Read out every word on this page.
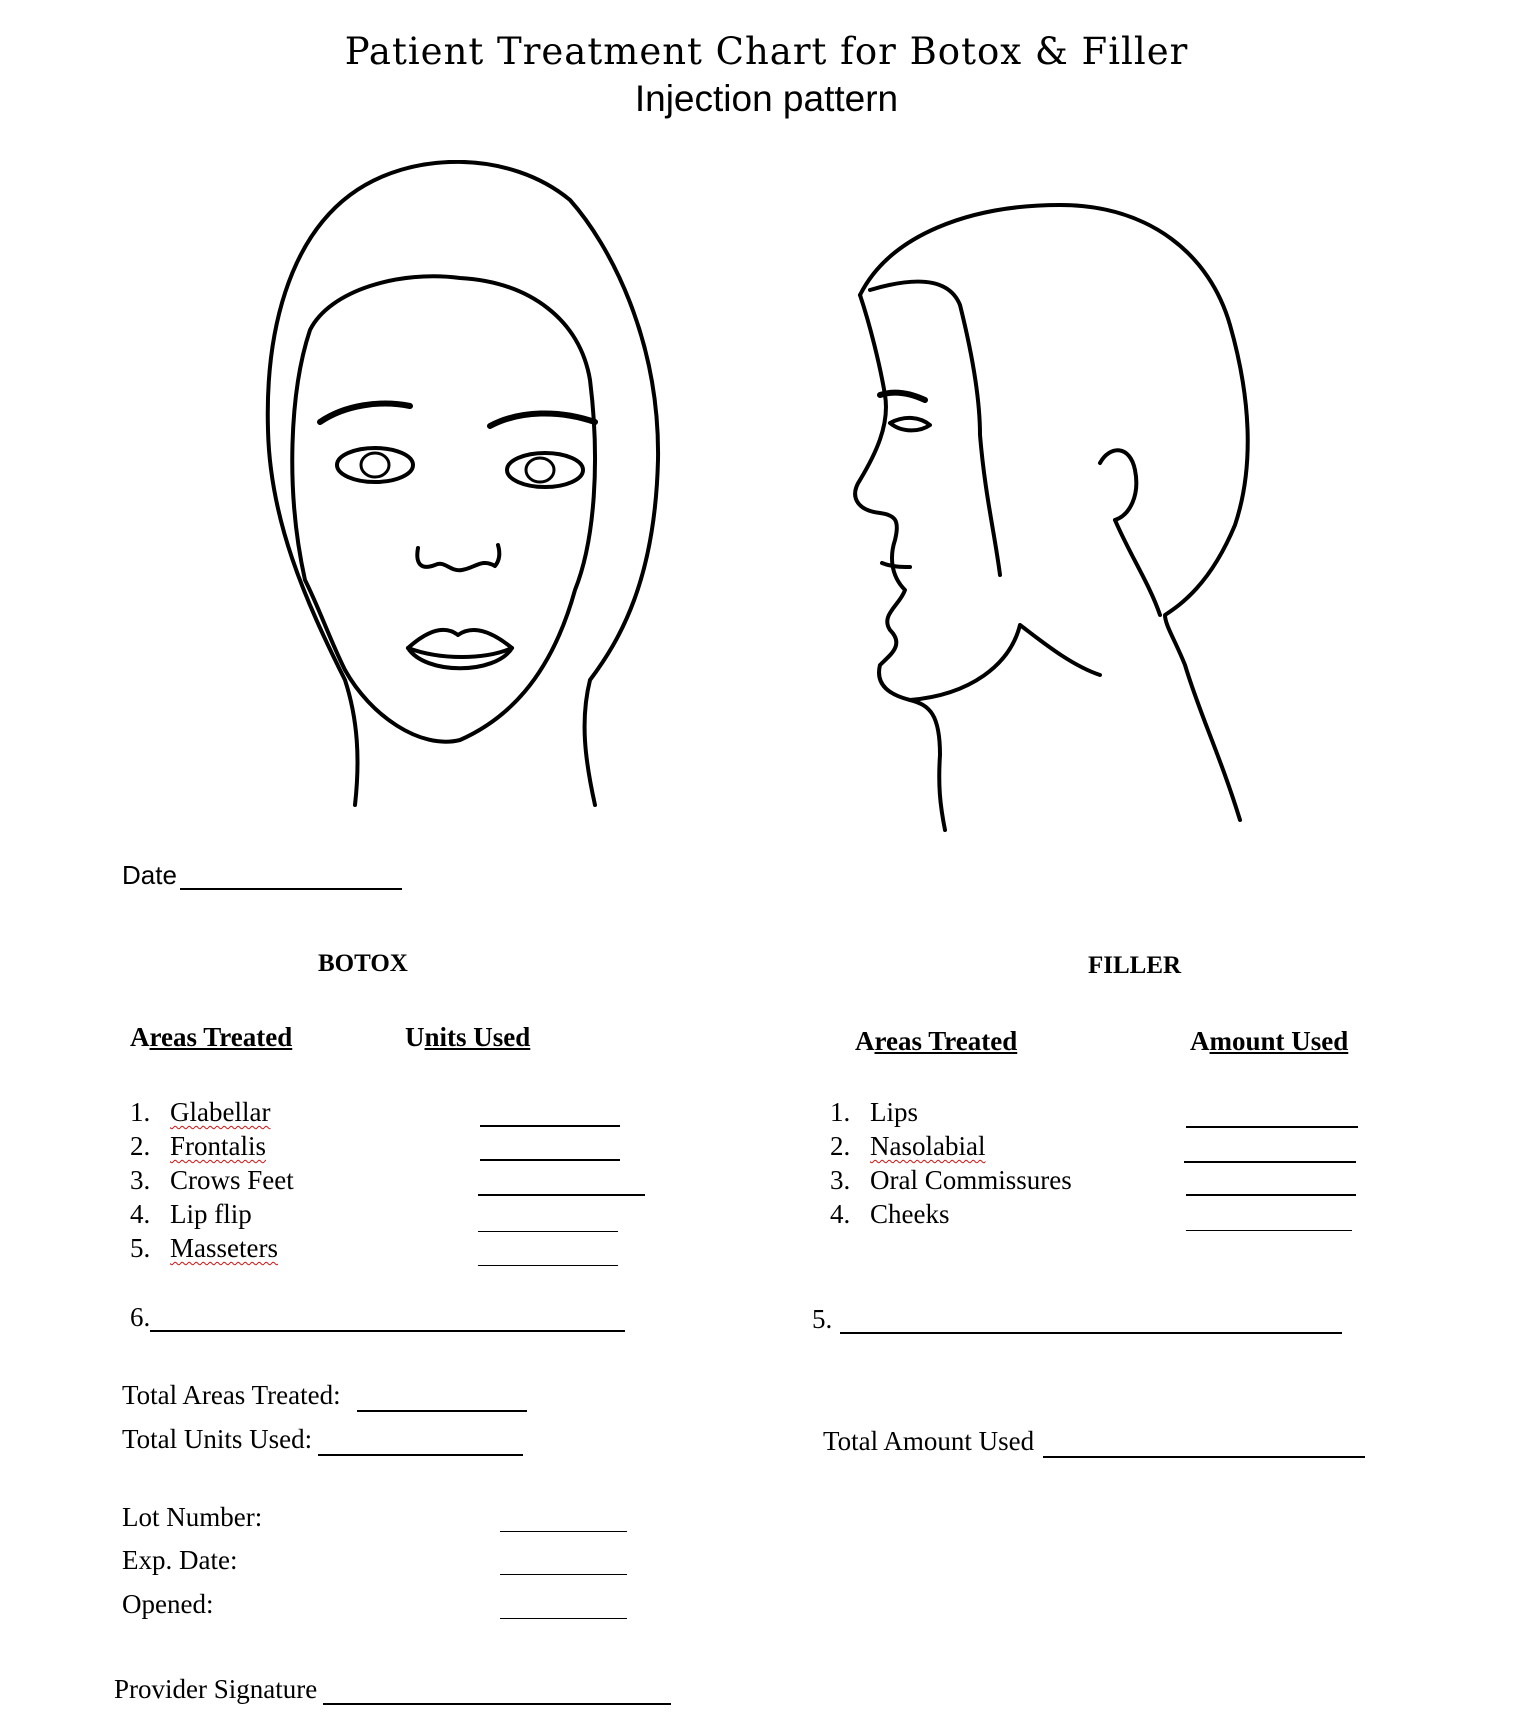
Patient Treatment Chart for Botox & Filler
Injection pattern
Date
BOTOX
Areas Treated	Units Used
1. Glabellar
2. Frontalis
3. Crows Feet
4. Lip flip
5. Masseters
6.
Total Areas Treated:
Total Units Used:
Lot Number:
Exp. Date:
Opened:
FILLER
Areas Treated	Amount Used
1. Lips
2. Nasolabial
3. Oral Commissures
4. Cheeks
5.
Total Amount Used
Provider Signature
